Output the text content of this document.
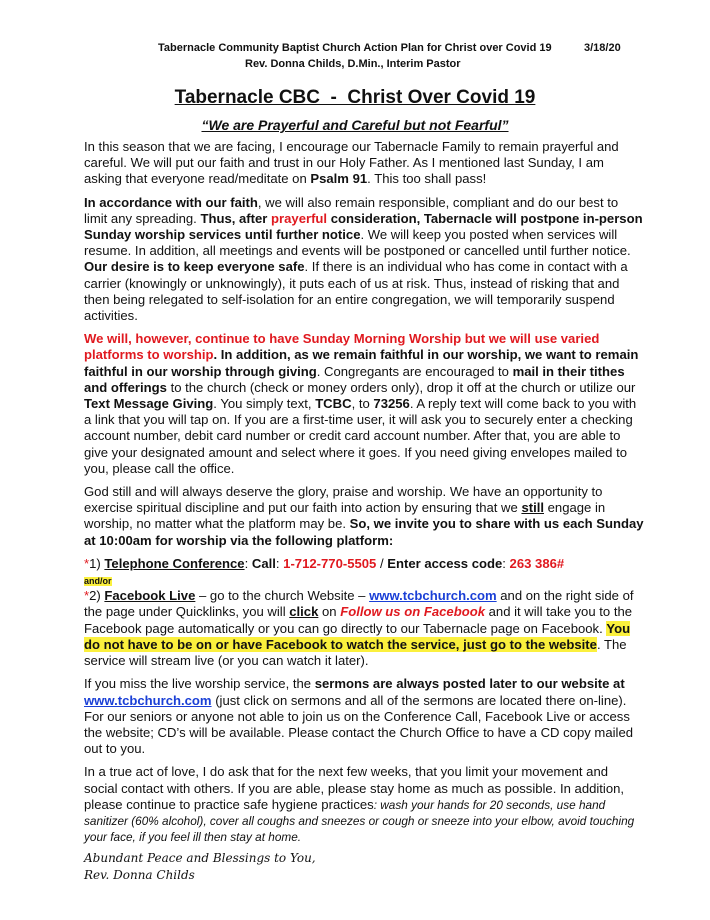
Tabernacle Community Baptist Church Action Plan for Christ over Covid 19	3/18/20
Rev. Donna Childs, D.Min., Interim Pastor
Tabernacle CBC  -  Christ Over Covid 19
“We are Prayerful and Careful but not Fearful”

In this season that we are facing, I encourage our Tabernacle Family to remain prayerful and careful. We will put our faith and trust in our Holy Father. As I mentioned last Sunday, I am asking that everyone read/meditate on Psalm 91. This too shall pass!

In accordance with our faith, we will also remain responsible, compliant and do our best to limit any spreading. Thus, after prayerful consideration, Tabernacle will postpone in-person Sunday worship services until further notice. We will keep you posted when services will resume. In addition, all meetings and events will be postponed or cancelled until further notice. Our desire is to keep everyone safe. If there is an individual who has come in contact with a carrier (knowingly or unknowingly), it puts each of us at risk. Thus, instead of risking that and then being relegated to self-isolation for an entire congregation, we will temporarily suspend activities.

We will, however, continue to have Sunday Morning Worship but we will use varied platforms to worship. In addition, as we remain faithful in our worship, we want to remain faithful in our worship through giving. Congregants are encouraged to mail in their tithes and offerings to the church (check or money orders only), drop it off at the church or utilize our Text Message Giving. You simply text, TCBC, to 73256. A reply text will come back to you with a link that you will tap on. If you are a first-time user, it will ask you to securely enter a checking account number, debit card number or credit card account number. After that, you are able to give your designated amount and select where it goes. If you need giving envelopes mailed to you, please call the office.

God still and will always deserve the glory, praise and worship. We have an opportunity to exercise spiritual discipline and put our faith into action by ensuring that we still engage in worship, no matter what the platform may be. So, we invite you to share with us each Sunday at 10:00am for worship via the following platform:

*1) Telephone Conference: Call: 1-712-770-5505 / Enter access code: 263 386#
and/or
*2) Facebook Live – go to the church Website – www.tcbchurch.com and on the right side of the page under Quicklinks, you will click on Follow us on Facebook and it will take you to the Facebook page automatically or you can go directly to our Tabernacle page on Facebook. You do not have to be on or have Facebook to watch the service, just go to the website. The service will stream live (or you can watch it later).

If you miss the live worship service, the sermons are always posted later to our website at www.tcbchurch.com (just click on sermons and all of the sermons are located there on-line). For our seniors or anyone not able to join us on the Conference Call, Facebook Live or access the website; CD’s will be available. Please contact the Church Office to have a CD copy mailed out to you.

In a true act of love, I do ask that for the next few weeks, that you limit your movement and social contact with others. If you are able, please stay home as much as possible. In addition, please continue to practice safe hygiene practices: wash your hands for 20 seconds, use hand sanitizer (60% alcohol), cover all coughs and sneezes or cough or sneeze into your elbow, avoid touching your face, if you feel ill then stay at home.

Abundant Peace and Blessings to You,
Rev. Donna Childs
